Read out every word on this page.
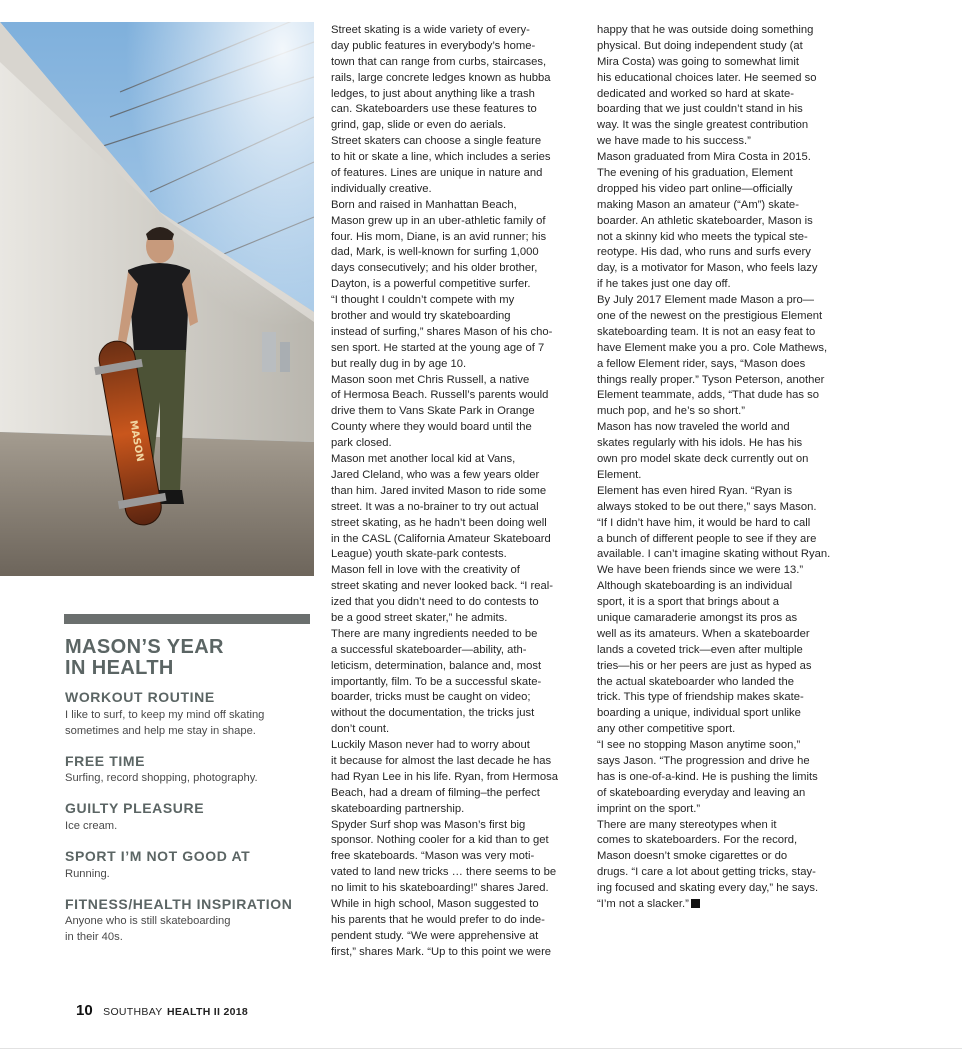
MASON
MASON’S YEAR
IN HEALTH
WORKOUT ROUTINE
I like to surf, to keep my mind off skating
sometimes and help me stay in shape.
FREE TIME
Surfing, record shopping, photography.
GUILTY PLEASURE
Ice cream.
SPORT I’M NOT GOOD AT
Running.
FITNESS/HEALTH INSPIRATION
Anyone who is still skateboarding
in their 40s.
Street skating is a wide variety of every-
day public features in everybody’s home-
town that can range from curbs, staircases,
rails, large concrete ledges known as hubba
ledges, to just about anything like a trash
can. Skateboarders use these features to
grind, gap, slide or even do aerials.
Street skaters can choose a single feature
to hit or skate a line, which includes a series
of features. Lines are unique in nature and
individually creative.
Born and raised in Manhattan Beach,
Mason grew up in an uber-athletic family of
four. His mom, Diane, is an avid runner; his
dad, Mark, is well-known for surfing 1,000
days consecutively; and his older brother,
Dayton, is a powerful competitive surfer.
“I thought I couldn’t compete with my
brother and would try skateboarding
instead of surfing,” shares Mason of his cho-
sen sport. He started at the young age of 7
but really dug in by age 10.
Mason soon met Chris Russell, a native
of Hermosa Beach. Russell’s parents would
drive them to Vans Skate Park in Orange
County where they would board until the
park closed.
Mason met another local kid at Vans,
Jared Cleland, who was a few years older
than him. Jared invited Mason to ride some
street. It was a no-brainer to try out actual
street skating, as he hadn’t been doing well
in the CASL (California Amateur Skateboard
League) youth skate-park contests.
Mason fell in love with the creativity of
street skating and never looked back. “I real-
ized that you didn’t need to do contests to
be a good street skater,” he admits.
There are many ingredients needed to be
a successful skateboarder—ability, ath-
leticism, determination, balance and, most
importantly, film. To be a successful skate-
boarder, tricks must be caught on video;
without the documentation, the tricks just
don’t count.
Luckily Mason never had to worry about
it because for almost the last decade he has
had Ryan Lee in his life. Ryan, from Hermosa
Beach, had a dream of filming–the perfect
skateboarding partnership.
Spyder Surf shop was Mason’s first big
sponsor. Nothing cooler for a kid than to get
free skateboards. “Mason was very moti-
vated to land new tricks … there seems to be
no limit to his skateboarding!” shares Jared.
While in high school, Mason suggested to
his parents that he would prefer to do inde-
pendent study. “We were apprehensive at
first,” shares Mark. “Up to this point we were
happy that he was outside doing something
physical. But doing independent study (at
Mira Costa) was going to somewhat limit
his educational choices later. He seemed so
dedicated and worked so hard at skate-
boarding that we just couldn’t stand in his
way. It was the single greatest contribution
we have made to his success.”
Mason graduated from Mira Costa in 2015.
The evening of his graduation, Element
dropped his video part online—officially
making Mason an amateur (“Am”) skate-
boarder. An athletic skateboarder, Mason is
not a skinny kid who meets the typical ste-
reotype. His dad, who runs and surfs every
day, is a motivator for Mason, who feels lazy
if he takes just one day off.
By July 2017 Element made Mason a pro—
one of the newest on the prestigious Element
skateboarding team. It is not an easy feat to
have Element make you a pro. Cole Mathews,
a fellow Element rider, says, “Mason does
things really proper.” Tyson Peterson, another
Element teammate, adds, “That dude has so
much pop, and he’s so short.”
Mason has now traveled the world and
skates regularly with his idols. He has his
own pro model skate deck currently out on
Element.
Element has even hired Ryan. “Ryan is
always stoked to be out there,” says Mason.
“If I didn’t have him, it would be hard to call
a bunch of different people to see if they are
available. I can’t imagine skating without Ryan.
We have been friends since we were 13.”
Although skateboarding is an individual
sport, it is a sport that brings about a
unique camaraderie amongst its pros as
well as its amateurs. When a skateboarder
lands a coveted trick—even after multiple
tries—his or her peers are just as hyped as
the actual skateboarder who landed the
trick. This type of friendship makes skate-
boarding a unique, individual sport unlike
any other competitive sport.
“I see no stopping Mason anytime soon,”
says Jason. “The progression and drive he
has is one-of-a-kind. He is pushing the limits
of skateboarding everyday and leaving an
imprint on the sport.”
There are many stereotypes when it
comes to skateboarders. For the record,
Mason doesn’t smoke cigarettes or do
drugs. “I care a lot about getting tricks, stay-
ing focused and skating every day,” he says.
“I’m not a slacker.”
10 SOUTHBAY HEALTH II 2018
